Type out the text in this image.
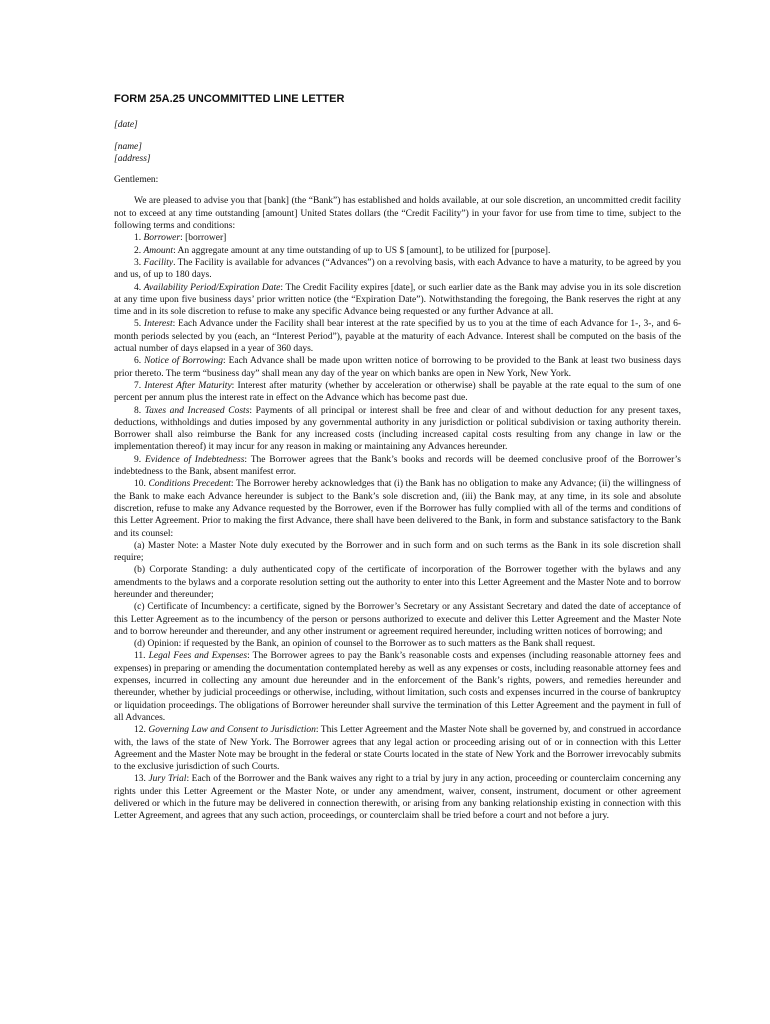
FORM 25A.25 UNCOMMITTED LINE LETTER

[date]

[name]

[address]

Gentlemen:

We are pleased to advise you that [bank] (the “Bank”) has established and holds available, at our sole discretion, an uncommitted credit facility not to exceed at any time outstanding [amount] United States dollars (the “Credit Facility”) in your favor for use from time to time, subject to the following terms and conditions:

1. Borrower: [borrower]

2. Amount: An aggregate amount at any time outstanding of up to US $ [amount], to be utilized for [purpose].

3. Facility. The Facility is available for advances (“Advances”) on a revolving basis, with each Advance to have a maturity, to be agreed by you and us, of up to 180 days.

4. Availability Period/Expiration Date: The Credit Facility expires [date], or such earlier date as the Bank may advise you in its sole discretion at any time upon five business days’ prior written notice (the “Expiration Date”). Notwithstanding the foregoing, the Bank reserves the right at any time and in its sole discretion to refuse to make any specific Advance being requested or any further Advance at all.

5. Interest: Each Advance under the Facility shall bear interest at the rate specified by us to you at the time of each Advance for 1-, 3-, and 6-month periods selected by you (each, an “Interest Period”), payable at the maturity of each Advance. Interest shall be computed on the basis of the actual number of days elapsed in a year of 360 days.

6. Notice of Borrowing: Each Advance shall be made upon written notice of borrowing to be provided to the Bank at least two business days prior thereto. The term “business day” shall mean any day of the year on which banks are open in New York, New York.

7. Interest After Maturity: Interest after maturity (whether by acceleration or otherwise) shall be payable at the rate equal to the sum of one percent per annum plus the interest rate in effect on the Advance which has become past due.

8. Taxes and Increased Costs: Payments of all principal or interest shall be free and clear of and without deduction for any present taxes, deductions, withholdings and duties imposed by any governmental authority in any jurisdiction or political subdivision or taxing authority therein. Borrower shall also reimburse the Bank for any increased costs (including increased capital costs resulting from any change in law or the implementation thereof) it may incur for any reason in making or maintaining any Advances hereunder.

9. Evidence of Indebtedness: The Borrower agrees that the Bank’s books and records will be deemed conclusive proof of the Borrower’s indebtedness to the Bank, absent manifest error.

10. Conditions Precedent: The Borrower hereby acknowledges that (i) the Bank has no obligation to make any Advance; (ii) the willingness of the Bank to make each Advance hereunder is subject to the Bank’s sole discretion and, (iii) the Bank may, at any time, in its sole and absolute discretion, refuse to make any Advance requested by the Borrower, even if the Borrower has fully complied with all of the terms and conditions of this Letter Agreement. Prior to making the first Advance, there shall have been delivered to the Bank, in form and substance satisfactory to the Bank and its counsel:

(a) Master Note: a Master Note duly executed by the Borrower and in such form and on such terms as the Bank in its sole discretion shall require;

(b) Corporate Standing: a duly authenticated copy of the certificate of incorporation of the Borrower together with the bylaws and any amendments to the bylaws and a corporate resolution setting out the authority to enter into this Letter Agreement and the Master Note and to borrow hereunder and thereunder;

(c) Certificate of Incumbency: a certificate, signed by the Borrower’s Secretary or any Assistant Secretary and dated the date of acceptance of this Letter Agreement as to the incumbency of the person or persons authorized to execute and deliver this Letter Agreement and the Master Note and to borrow hereunder and thereunder, and any other instrument or agreement required hereunder, including written notices of borrowing; and

(d) Opinion: if requested by the Bank, an opinion of counsel to the Borrower as to such matters as the Bank shall request.

11. Legal Fees and Expenses: The Borrower agrees to pay the Bank’s reasonable costs and expenses (including reasonable attorney fees and expenses) in preparing or amending the documentation contemplated hereby as well as any expenses or costs, including reasonable attorney fees and expenses, incurred in collecting any amount due hereunder and in the enforcement of the Bank’s rights, powers, and remedies hereunder and thereunder, whether by judicial proceedings or otherwise, including, without limitation, such costs and expenses incurred in the course of bankruptcy or liquidation proceedings. The obligations of Borrower hereunder shall survive the termination of this Letter Agreement and the payment in full of all Advances.

12. Governing Law and Consent to Jurisdiction: This Letter Agreement and the Master Note shall be governed by, and construed in accordance with, the laws of the state of New York. The Borrower agrees that any legal action or proceeding arising out of or in connection with this Letter Agreement and the Master Note may be brought in the federal or state Courts located in the state of New York and the Borrower irrevocably submits to the exclusive jurisdiction of such Courts.

13. Jury Trial: Each of the Borrower and the Bank waives any right to a trial by jury in any action, proceeding or counterclaim concerning any rights under this Letter Agreement or the Master Note, or under any amendment, waiver, consent, instrument, document or other agreement delivered or which in the future may be delivered in connection therewith, or arising from any banking relationship existing in connection with this Letter Agreement, and agrees that any such action, proceedings, or counterclaim shall be tried before a court and not before a jury.
